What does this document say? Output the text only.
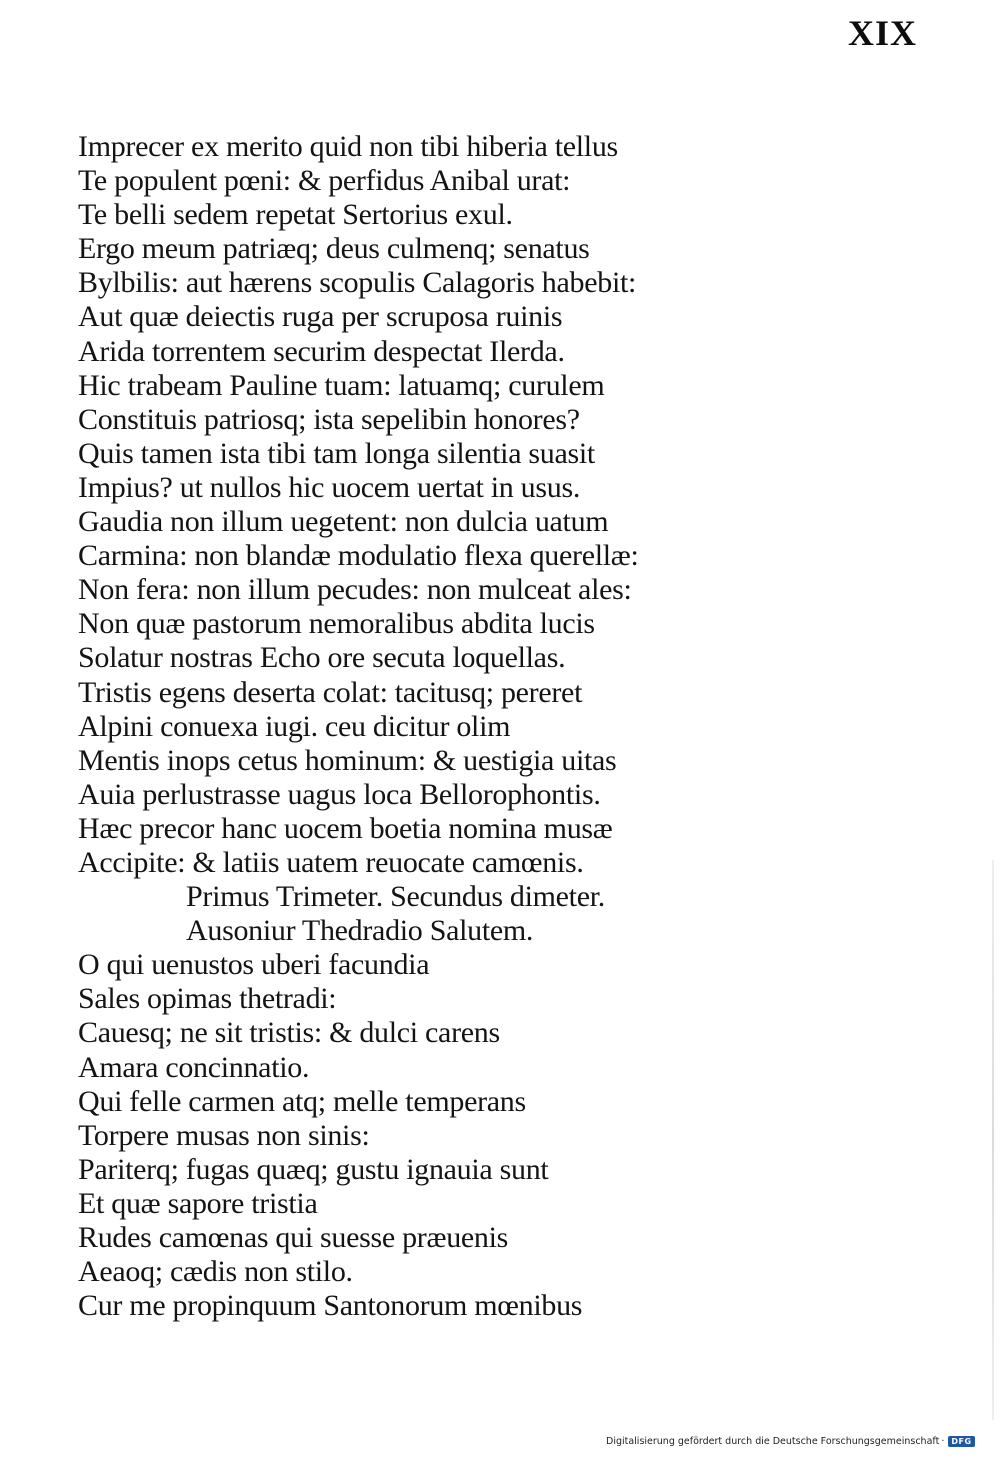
XIX
Imprecer ex merito quid non tibi hiberia tellus
Te populent pœni: & perfidus Anibal urat:
Te belli sedem repetat Sertorius exul.
Ergo meum patriæq; deus culmenq; senatus
Bylbilis: aut hærens scopulis Calagoris habebit:
Aut quæ deiectis ruga per scruposa ruinis
Arida torrentem securim despectat Ilerda.
Hic trabeam Pauline tuam: latuamq; curulem
Constituis patriosq; ista sepelibin honores?
Quis tamen ista tibi tam longa silentia suasit
Impius? ut nullos hic uocem uertat in usus.
Gaudia non illum uegetent: non dulcia uatum
Carmina: non blandæ modulatio flexa querellæ:
Non fera: non illum pecudes: non mulceat ales:
Non quæ pastorum nemoralibus abdita lucis
Solatur nostras Echo ore secuta loquellas.
Tristis egens deserta colat: tacitusq; pereret
Alpini conuexa iugi. ceu dicitur olim
Mentis inops cetus hominum: & uestigia uitas
Auia perlustrasse uagus loca Bellorophontis.
Hæc precor hanc uocem boetia nomina musæ
Accipite: & latiis uatem reuocate camœnis.
Primus Trimeter. Secundus dimeter.
Ausoniur Thedradio Salutem.
O qui uenustos uberi facundia
Sales opimas thetradi:
Cauesq; ne sit tristis: & dulci carens
Amara concinnatio.
Qui felle carmen atq; melle temperans
Torpere musas non sinis:
Pariterq; fugas quæq; gustu ignauia sunt
Et quæ sapore tristia
Rudes camœnas qui suesse præuenis
Aeaoq; cædis non stilo.
Cur me propinquum Santonorum mœnibus
Digitalisierung gefördert durch die Deutsche Forschungsgemeinschaft · DFG
